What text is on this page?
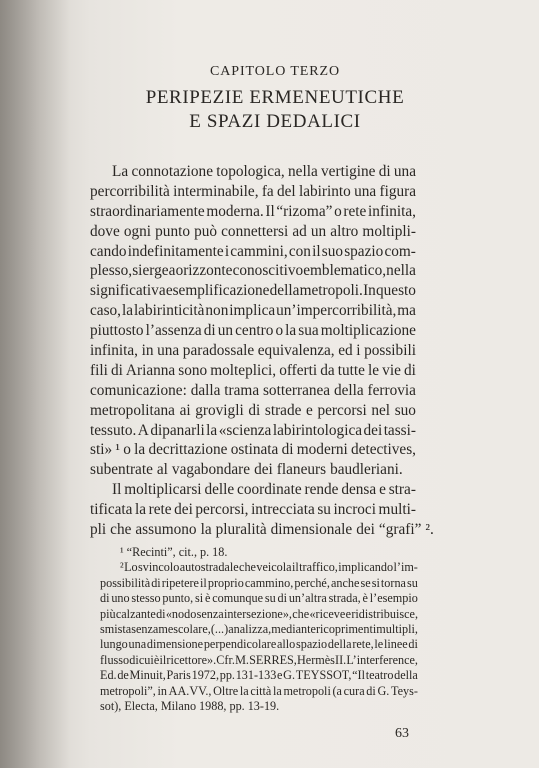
CAPITOLO TERZO
PERIPEZIE ERMENEUTICHE
E SPAZI DEDALICI
La connotazione topologica, nella vertigine di una
percorribilità interminabile, fa del labirinto una figura
straordinariamente moderna. Il “rizoma” o rete infinita,
dove ogni punto può connettersi ad un altro moltipli-
cando indefinitamente i cammini, con il suo spazio com-
plesso, si erge a orizzonte conoscitivo emblematico, nella
significativa esemplificazione della metropoli. In questo
caso, la labirinticità non implica un’impercorribilità, ma
piuttosto l’assenza di un centro o la sua moltiplicazione
infinita, in una paradossale equivalenza, ed i possibili
fili di Arianna sono molteplici, offerti da tutte le vie di
comunicazione: dalla trama sotterranea della ferrovia
metropolitana ai grovigli di strade e percorsi nel suo
tessuto. A dipanarli la «scienza labirintologica dei tassi-
sti» ¹ o la decrittazione ostinata di moderni detectives,
subentrate al vagabondare dei flaneurs baudleriani.
Il moltiplicarsi delle coordinate rende densa e stra-
tificata la rete dei percorsi, intrecciata su incroci multi-
pli che assumono la pluralità dimensionale dei “grafi” ².
¹ “Recinti”, cit., p. 18.
² Lo svincolo autostradale che veicola il traffico, implicando l’im-
possibilità di ripetere il proprio cammino, perché, anche se si torna su
di uno stesso punto, si è comunque su di un’altra strada, è l’esempio
più calzante di «nodo senza intersezione», che «riceve e ridistribuisce,
smista senza mescolare, (...) analizza, mediante ricoprimenti multipli,
lungo una dimensione perpendicolare allo spazio della rete, le linee di
flusso di cui è il ricettore». Cfr. M. SERRES, Hermès II. L’interference,
Ed. de Minuit, Paris 1972, pp. 131-133 e G. TEYSSOT, “Il teatro della
metropoli”, in AA.VV., Oltre la città la metropoli (a cura di G. Teys-
sot), Electa, Milano 1988, pp. 13-19.
63
